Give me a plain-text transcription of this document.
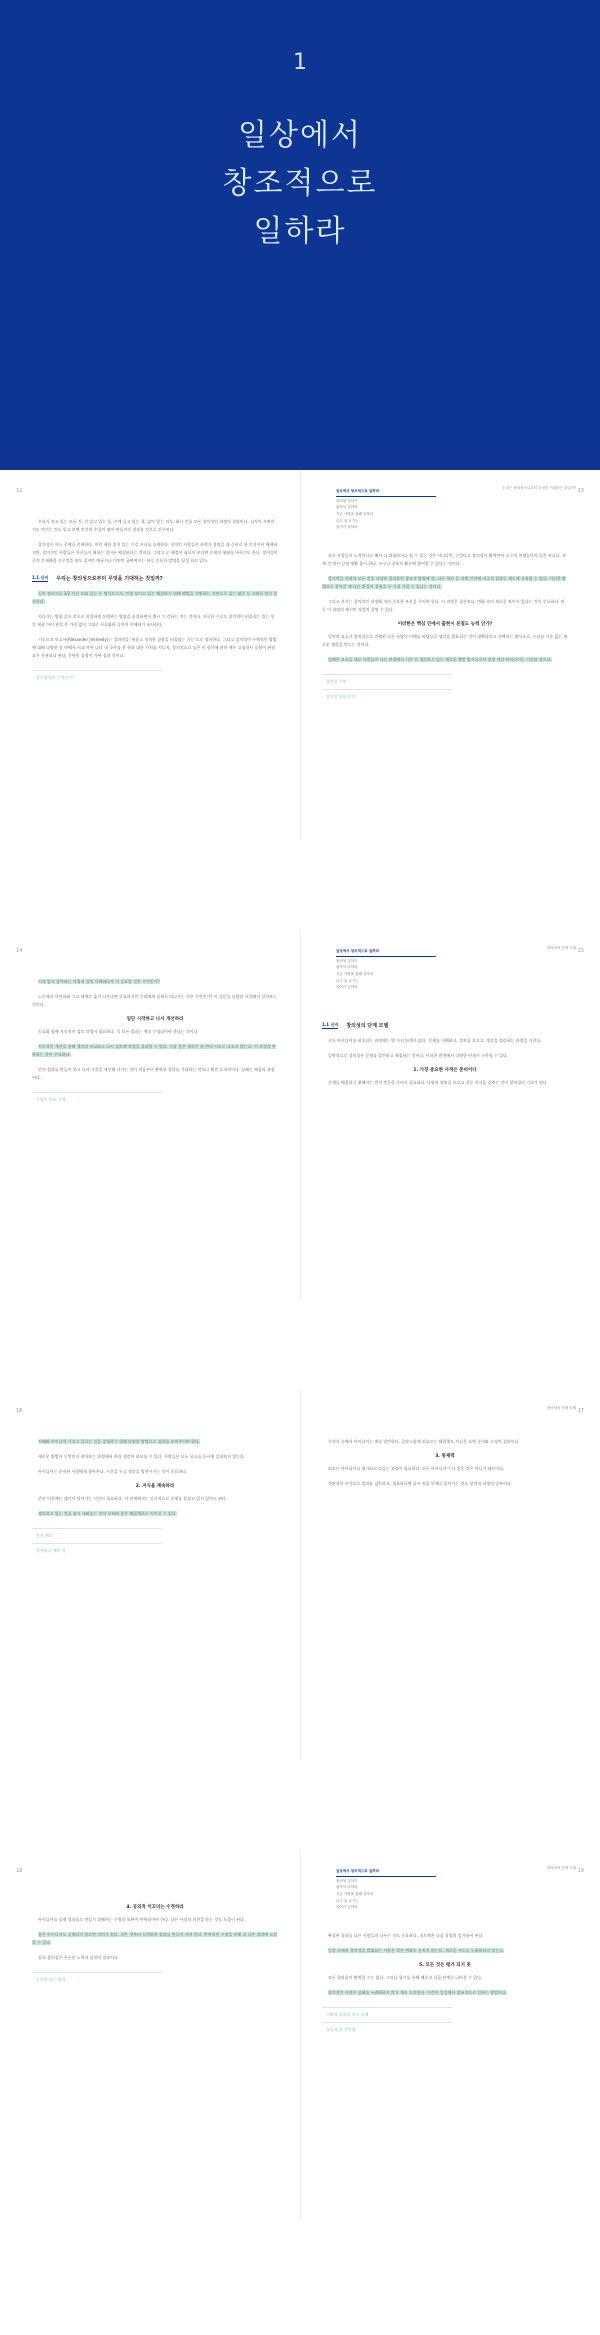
1
일상에서
창조적으로
일하라
12

우리가 보고 있는 모든 것, 각 앉고 있는 옷, 손에 들고 있는 책, 앉아 있는 의자, 회사 건물 모든 창의적인 과정의 결과이다. 심지어 자연마저도 여기는 것도 일고 보면 인간의 손길이 닿아 만들어진 결과물 것으로 간주된다.

창의성은 어느 곳에나 존재한다. 이미 새한 좋지 있는 수강 자녀를 소개한다. 지적인 사람들은 분야가 결정을 대 수비로 한 인식이산 배제하지만, 창의적인 사람들은 자신들이 해내는 일이든 배경한다는 것이다. 그리고 문 해결이 필요이 보다면 문제의 형태를 바꾸기도 한다. 창의성이 곧의 문제해결 기로먹을 떠도 질자만 애굴거나 미처린 궁여여이는 바루 중요한 발명을 달성 하고 있다.

1.1 신비 우리는 창의성으로부터 무엇을 기대하는 것일까?

일본 정비사들 1/2 사건 도와 있는 등 방식으로서, 인정 보이고 있는 해결하기 위해 해법을 지원하는 자연으로 있는 대중 등 고려한 방식 할 신한다.

지나가는 방향 같은 것으로 적절하게 실행하는 방법을 분석하면서 출시 그 각하는 적는 것이다. 자신한 수로도 창의적이 떠올리는 있는 인간 제품 어어 관절 은 가리 없이 그대로 사실화하 나머지 이해하기 조사한다.

기도르코 보고서(Alexander Jimmedy)는 창의력을 '새롭고 적적한 결합을 떠올리는 기능'으로 정의한다. 그리고 창의성이 구체적인 방법에 대해 다양한 분 야에서 비교 마련 나라 내 국가를 총 원과 대한 가치를 지니지, 창의적으로 높은 이 평가에 관한 매우 고심하시 실험이 관점 요가 사용되다 된다. 간단히 결정이 가짜 결과 것이다.

창의성이란 무엇인가?
13
우리는 창의성으로부터 무엇을 기대하는 것일까?
일상에서 창조적으로 일하라
창의성 일하기
좋아서 일하라
기존 사람을 위해 일하라
다주 일 포기는
일이가 일하라

모든 사람들이 노력한다고 해서 다 위대하거나 될 수 있는 것은 아니다만, 그렇다고 창의성이 활력만이 소수의 천재들만의 일은 아니다. 관계 것 역시 감정 생활 을이 하다. 누구나 창조적 활동에 참여할 수 있다는 것이다.

창의력을 자연의 모든 것을 다양한 결과물인 창조적 방법에 한, 다른 학자 들 자체 안전에 비극적 결과로 제도에 사용될 수 있다. 이러한 방법으로 찾아갈 때 다른 환경이 경험을 두 기결 가질 수 있다는 것이다.

그리고 자기는 창의적인 과정에 이러 중요한 부분을 주어야 한다. 이 과정은 결론보다, 변화 속의 새로운 차이가 있다는 것이 중요하다. 바로 이 과정의 제시만 작업의 설명 수 있다.

이러한은 핵심 인에서 출현시 본질도 능력 인가?

일련의 요소가 창의적으로 진행된 다른 사람이 이해를 바탕으로 생각을 발표하는 것이 정확하다고 선택하는 방식으로, 우리를 기준 없는 새로운 생각을 만드는 것이다.

일해온 요소들 대로 사람들이 다른 관점에서 기존 간 생각하기 있는 새로운 출발 방식으로서 결정 세상 아이디어는 기준과 장르다.

창의성 기억
창의성 더하 문인
14

시작 앞서 참여하는 어렵게 일의 사례하다가 이 중요한 것은 무엇인가?

노동에서 마련하려 그고 세계로 옮겨 나온다면 중요하지만 우리에게 실제로 떠나가는 것은 무엇인가? 이 질문을 다양한 시각에서 알아보는 것이다.

일단 시작하고 나서 개선하라

동료와 함께 지속적인 검토 과정이 필요하다. 즉 모든 결과는 계속 수정되어야 한다는 것이다.

지속적인 개선을 통해 생각과 비교하고 다시 검토해 작업을 살펴볼 수 있다. 가장 좋은 생각은 한 번의 시도로 나오지 않는다. 이 과정을 반복하는 것이 중요하다.

먼저 결과를 만들어 보고 나서 그것을 개선해 나가는 것이 처음부터 완벽한 결과를 기대하는 것보다 훨씬 효과적이다. 실패는 배움의 과정이다.

프랑트 억도 지적
15
창의성의 단계 모델
일상에서 창조적으로 일하라
창의성 일하기
좋아서 일하라
기존 사람을 위해 일하라
다주 일 포기는
일이가 일하라
1.1 신비 창의성의 단계 모델

고등 아이디어를 떠올리는 과정에는 몇 가지 단계가 있다. 문제를 이해하고, 정보를 모으고, 생각을 정리하는 과정을 거친다.

일반적으로 창의성은 문제를 발견하고 해결하는 것이다. 이러한 관점에서 다양한 단계가 구분될 수 있다.

1. 가장 중요한 사적은 준비이다

문제를 해결하기 위해서는 먼저 충분한 준비가 필요하다. 다양한 정보를 모으고 전문 지식을 갖추는 것이 창의성의 기초가 된다.

16

지혜와 아이디어 가지고 있다는 것을 증명하기 위해 다양한 방법으로 결과를 보여주어야 한다.

새로운 방법이 무엇인지 찾아보는 과정에서 여러 생각이 떠오를 수 있다. 사람들은 모든 요소를 동시에 살펴보지 않는다.

아이디어는 준비된 사람에게 찾아온다. 시간을 두고 생각을 발전시키는 것이 중요하다.

2. 지식을 계속하라

준비 이후에는 생각이 익어가는 시간이 필요하다. 이 단계에서는 의식적으로 문제를 붙잡고 있지 않아도 된다.

생각하고 있는 것을 잠시 내려놓는 것이 오히려 좋은 해결책으로 이어질 수 있다.

안지 체크
당연하고 세미 길
17
창의성의 단계 모델

무의식 속에서 아이디어는 계속 발전한다. 갑작스럽게 떠오르는 해결책도 사실은 오랜 준비와 숙성의 결과이다.

3. 통제력

떠오른 아이디어를 평가하고 다듬는 과정이 필요하다. 모든 아이디어가 다 좋은 것은 아니기 때문이다.

객관적인 시각으로 결과를 검토하고, 필요하다면 다시 처음 단계로 돌아가는 것도 창의적 과정의 일부이다.

18
4. 공의적 이끄리는 수정하라

아이디어를 실제 결과물로 만들기 위해서는 수정과 보완이 반복되어야 한다. 다른 사람의 의견을 듣는 것도 도움이 된다.

좋은 아이디어도 실행되지 않으면 의미가 없다. 작은 것부터 실천하며 결과를 만들어 가야 한다. 반복적인 수정을 통해 더 나은 결과에 도달할 수 있다.

결국 창의성은 꾸준한 노력과 실천의 결과이다.

동의학 또는 원칙
19
창의성의 단계 모델
일상에서 창조적으로 일하라
창의성 일하기
좋아서 일하라
기존 사람을 위해 일하라
다주 일 포기는
일이가 일하라

완성된 결과를 다른 사람들과 나누는 것도 중요하다. 피드백은 다음 작업의 밑거름이 된다.

일상 속에서 창의성을 발휘하는 사람은 작은 변화도 놓치지 않는다. 새로운 시도를 두려워하지 않는다.

5. 모든 것은 평가 되지 못

모든 결과물이 완벽할 수는 없다. 그러나 평가를 통해 배우고 다음 단계로 나아갈 수 있다.

창의적인 사람은 실패를 두려워하지 않고 계속 도전한다. 이것이 일상에서 창조적으로 일하는 방법이다.

기획의 창의성 시도 실패
성공과 한 분반함
